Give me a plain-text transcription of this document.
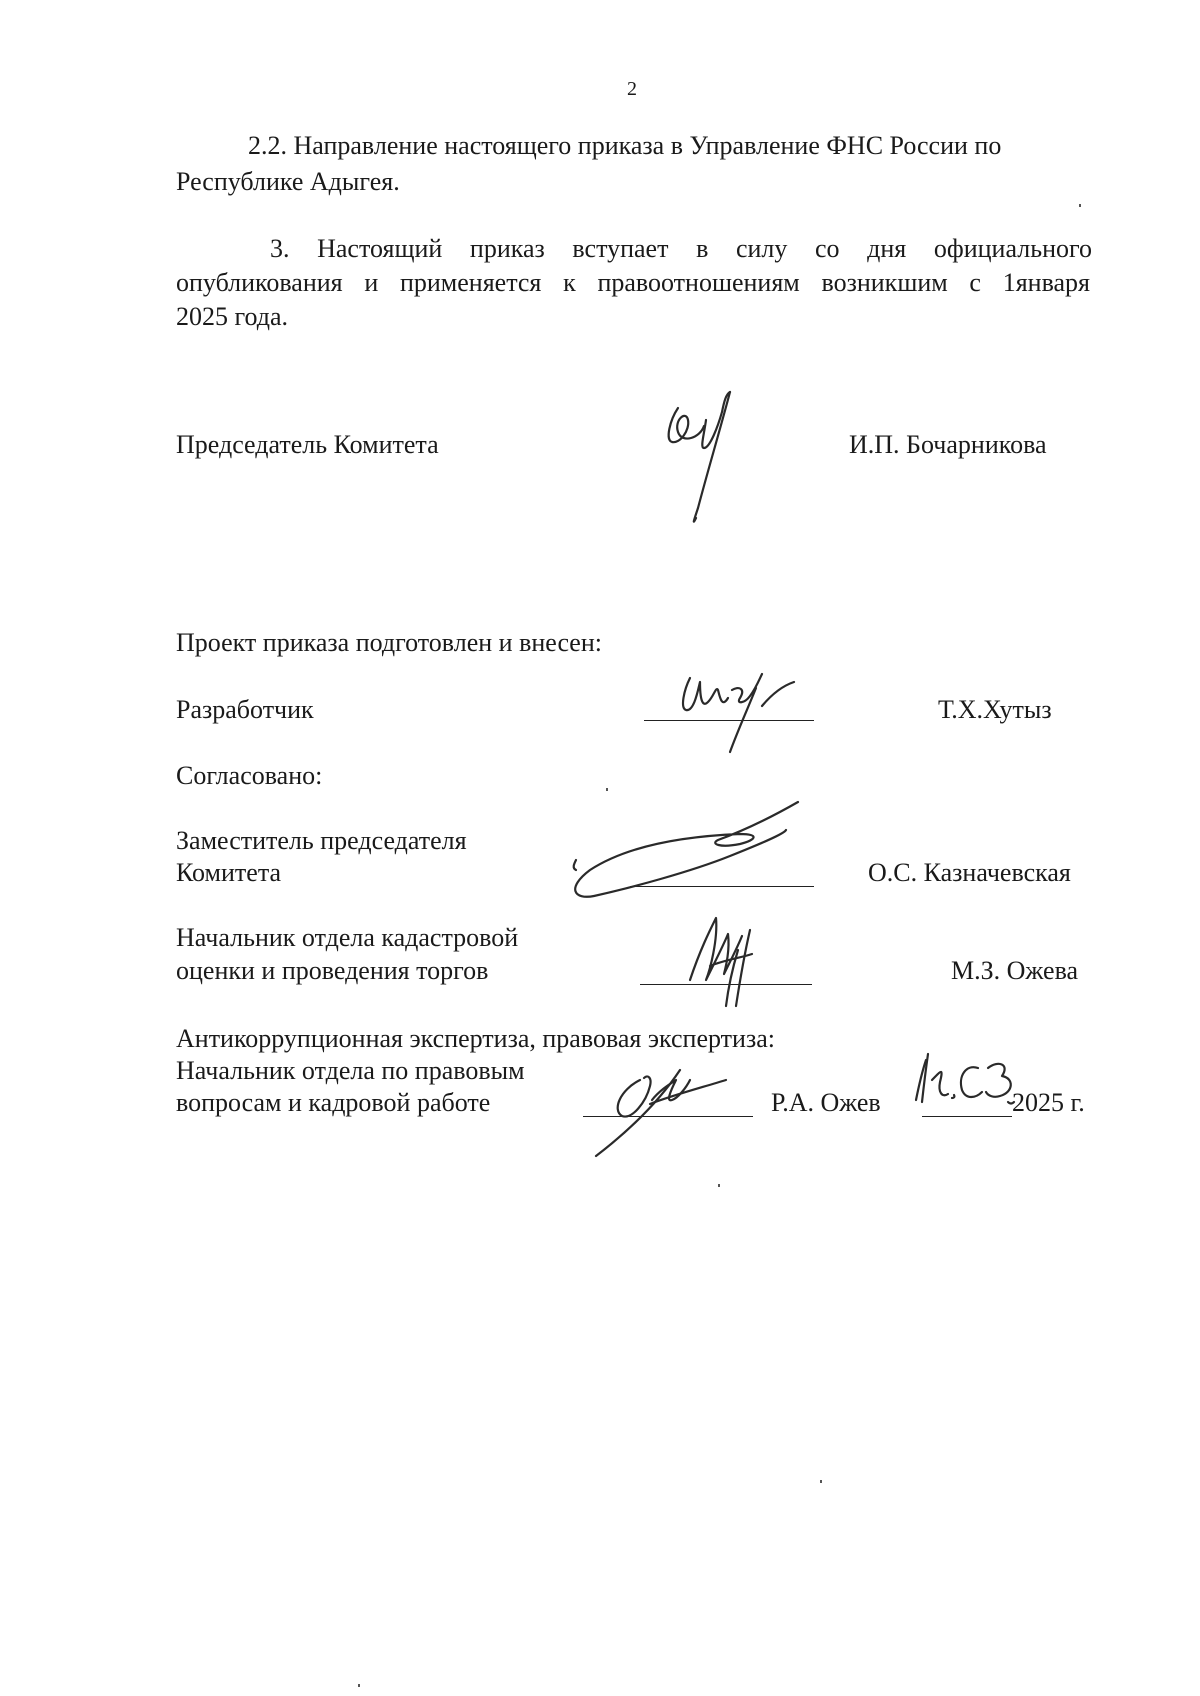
2
2.2. Направление настоящего приказа в Управление ФНС России по
Республике Адыгея.
3. Настоящий приказ вступает в силу со дня официального
опубликования и применяется к правоотношениям возникшим с 1января
2025 года.
Председатель Комитета	И.П. Бочарникова
Проект приказа подготовлен и внесен:
Разработчик	Т.Х.Хутыз
Согласовано:
Заместитель председателя
Комитета	О.С. Казначевская
Начальник отдела кадастровой
оценки и проведения торгов	М.З. Ожева
Антикоррупционная экспертиза, правовая экспертиза:
Начальник отдела по правовым
вопросам и кадровой работе	Р.А. Ожев	2025 г.
